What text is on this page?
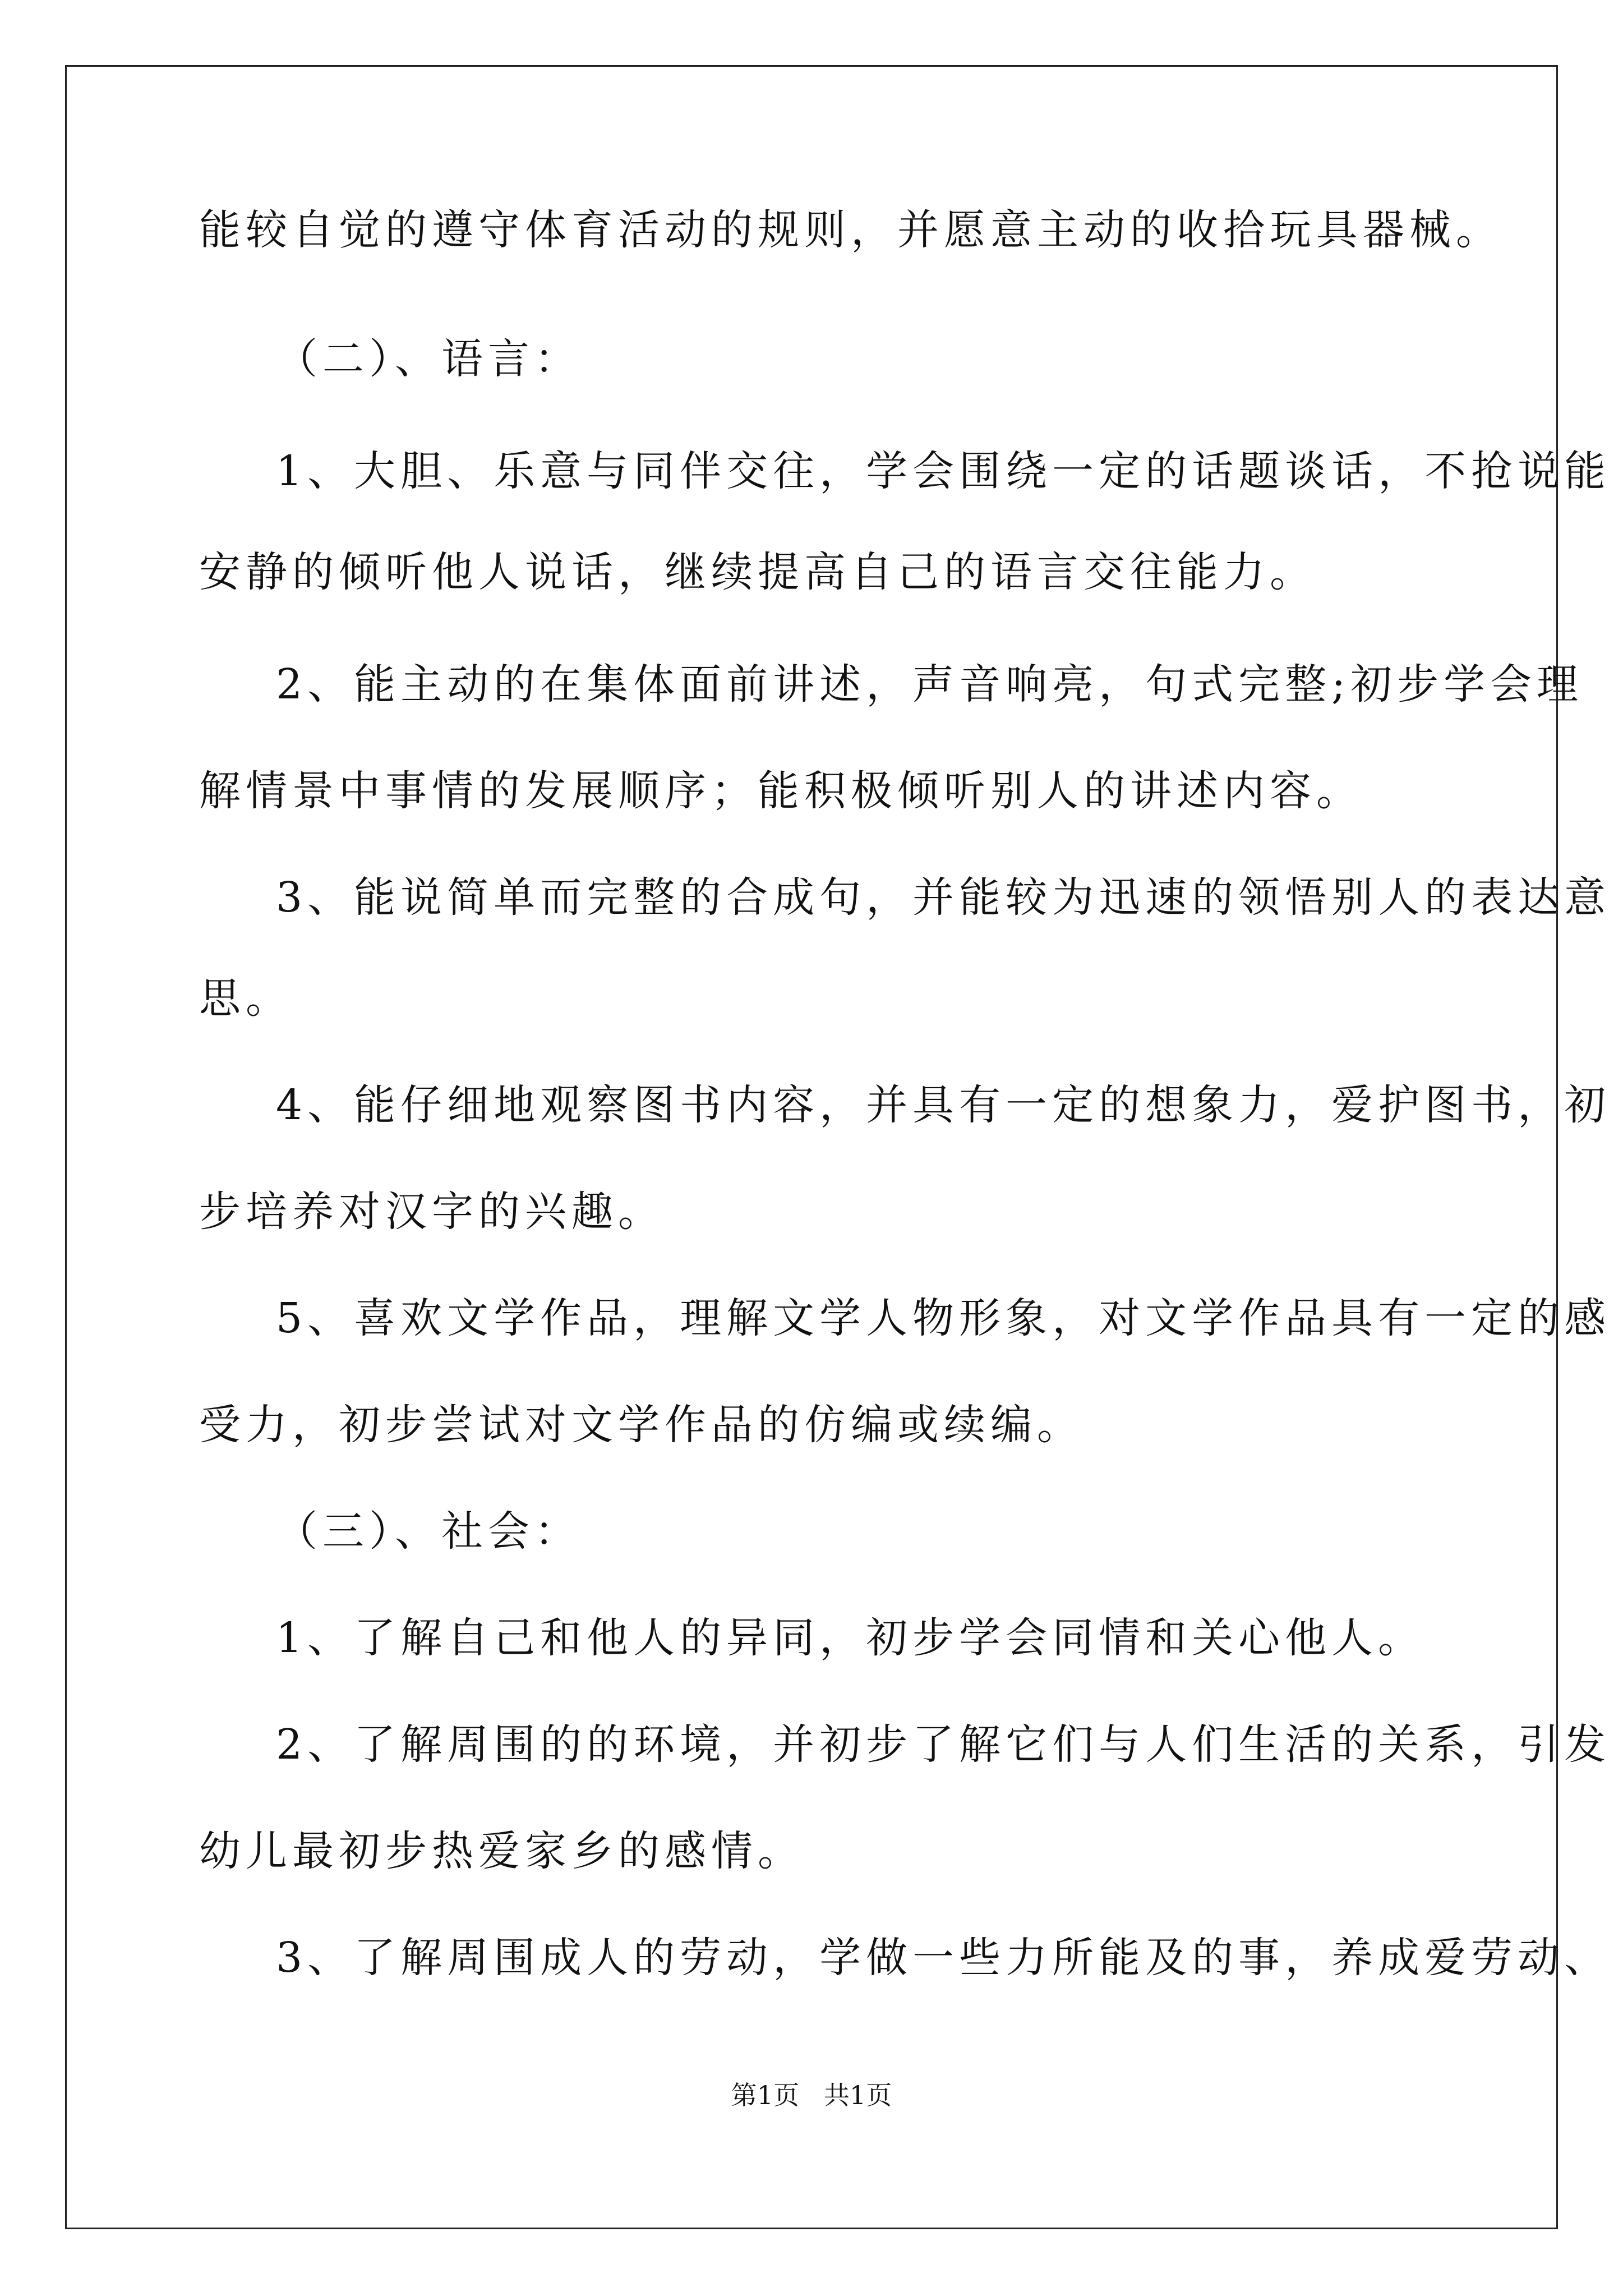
能较自觉的遵守体育活动的规则，并愿意主动的收拾玩具器械。

（二）、语言：

1、大胆、乐意与同伴交往，学会围绕一定的话题谈话，不抢说能

安静的倾听他人说话，继续提高自己的语言交往能力。

2、能主动的在集体面前讲述，声音响亮，句式完整;初步学会理

解情景中事情的发展顺序；能积极倾听别人的讲述内容。

3、能说简单而完整的合成句，并能较为迅速的领悟别人的表达意

思。

4、能仔细地观察图书内容，并具有一定的想象力，爱护图书，初

步培养对汉字的兴趣。

5、喜欢文学作品，理解文学人物形象，对文学作品具有一定的感

受力，初步尝试对文学作品的仿编或续编。

（三）、社会：

1、了解自己和他人的异同，初步学会同情和关心他人。

2、了解周围的的环境，并初步了解它们与人们生活的关系，引发

幼儿最初步热爱家乡的感情。

3、了解周围成人的劳动，学做一些力所能及的事，养成爱劳动、

第1页   共1页
